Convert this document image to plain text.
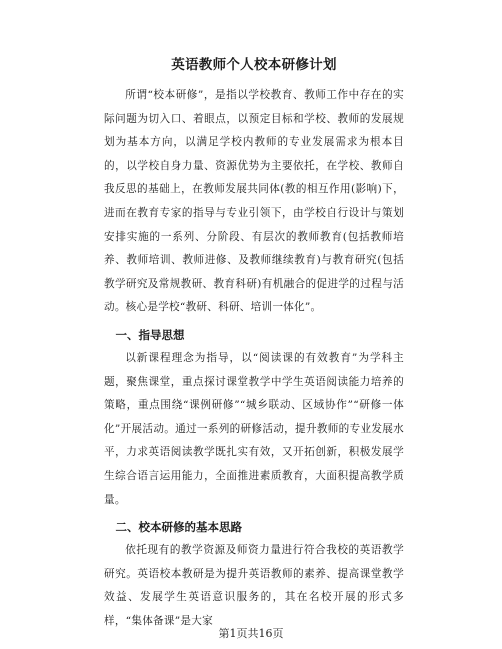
英语教师个人校本研修计划

所谓“校本研修”，是指以学校教育、教师工作中存在的实际问题为切入口、着眼点，以预定目标和学校、教师的发展规划为基本方向，以满足学校内教师的专业发展需求为根本目的，以学校自身力量、资源优势为主要依托，在学校、教师自我反思的基础上，在教师发展共同体(教的相互作用(影响)下，进而在教育专家的指导与专业引领下，由学校自行设计与策划安排实施的一系列、分阶段、有层次的教师教育(包括教师培养、教师培训、教师进修、及教师继续教育)与教育研究(包括教学研究及常规教研、教育科研)有机融合的促进学的过程与活动。核心是学校“教研、科研、培训一体化”。

一、指导思想

以新课程理念为指导，以“阅读课的有效教育”为学科主题，聚焦课堂，重点探讨课堂教学中学生英语阅读能力培养的策略，重点围绕“课例研修”“城乡联动、区域协作”“研修一体化”开展活动。通过一系列的研修活动，提升教师的专业发展水平，力求英语阅读教学既扎实有效，又开拓创新，积极发展学生综合语言运用能力，全面推进素质教育，大面积提高教学质量。

二、校本研修的基本思路

依托现有的教学资源及师资力量进行符合我校的英语教学研究。英语校本教研是为提升英语教师的素养、提高课堂教学效益、发展学生英语意识服务的，其在名校开展的形式多样，“集体备课”是大家

第1页共16页
